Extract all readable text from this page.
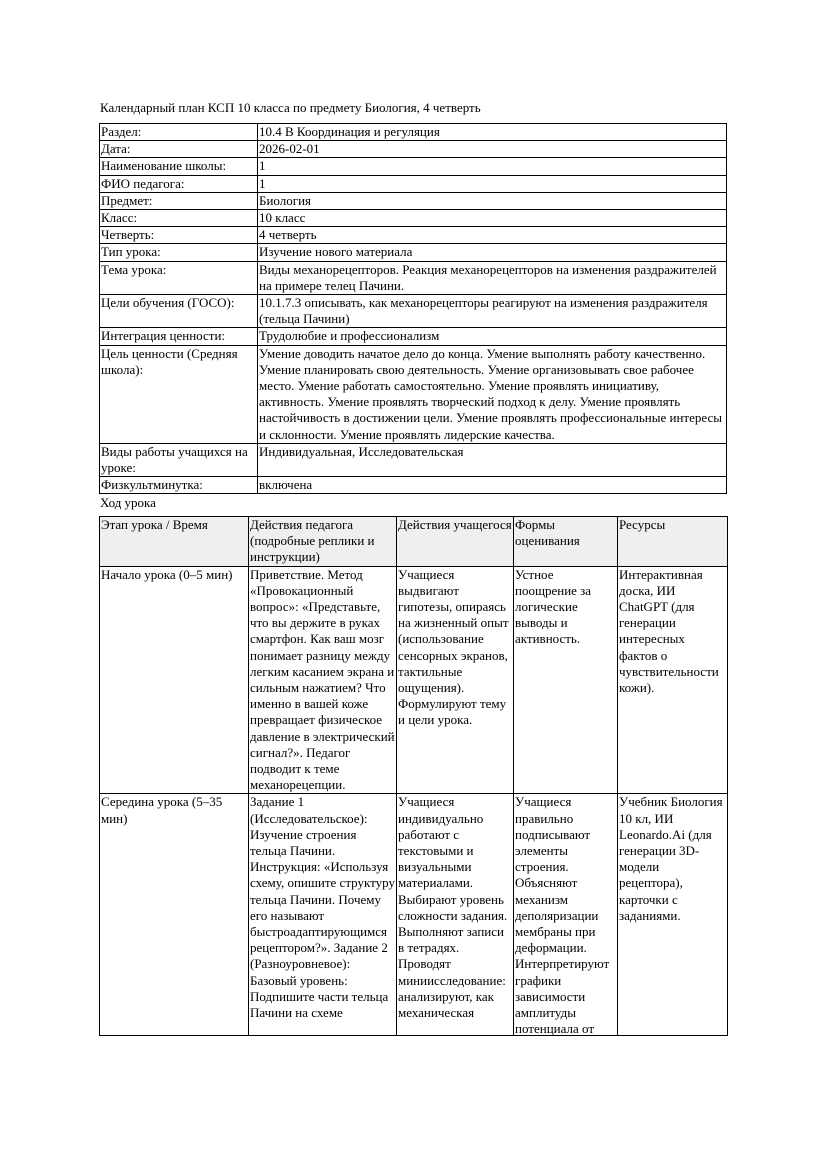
Календарный план КСП 10 класса по предмету Биология, 4 четверть
Раздел:	10.4 В Координация и регуляция
Дата:	2026-02-01
Наименование школы:	1
ФИО педагога:	1
Предмет:	Биология
Класс:	10 класс
Четверть:	4 четверть
Тип урока:	Изучение нового материала
Тема урока:	Виды механорецепторов. Реакция механорецепторов на изменения раздражителей на примере телец Пачини.
Цели обучения (ГОСО):	10.1.7.3 описывать, как механорецепторы реагируют на изменения раздражителя (тельца Пачини)
Интеграция ценности:	Трудолюбие и профессионализм
Цель ценности (Средняя школа):	Умение доводить начатое дело до конца. Умение выполнять работу качественно. Умение планировать свою деятельность. Умение организовывать свое рабочее место. Умение работать самостоятельно. Умение проявлять инициативу, активность. Умение проявлять творческий подход к делу. Умение проявлять настойчивость в достижении цели. Умение проявлять профессиональные интересы и склонности. Умение проявлять лидерские качества.
Виды работы учащихся на уроке:	Индивидуальная, Исследовательская
Физкультминутка:	включена
Ход урока
Этап урока / Время	Действия педагога (подробные реплики и инструкции)	Действия учащегося	Формы оценивания	Ресурсы
Начало урока (0–5 мин)	Приветствие. Метод «Провокационный вопрос»: «Представьте, что вы держите в руках смартфон. Как ваш мозг понимает разницу между легким касанием экрана и сильным нажатием? Что именно в вашей коже превращает физическое давление в электрический сигнал?». Педагог подводит к теме механорецепции.	Учащиеся выдвигают гипотезы, опираясь на жизненный опыт (использование сенсорных экранов, тактильные ощущения). Формулируют тему и цели урока.	Устное поощрение за логические выводы и активность.	Интерактивная доска, ИИ ChatGPT (для генерации интересных фактов о чувствительности кожи).

Середина урока (5–35 мин)	Задание 1 (Исследовательское): Изучение строения тельца Пачини. Инструкция: «Используя схему, опишите структуру тельца Пачини. Почему его называют быстроадаптирующимся рецептором?». Задание 2 (Разноуровневое): Базовый уровень: Подпишите части тельца Пачини на схеме	Учащиеся индивидуально работают с текстовыми и визуальными материалами. Выбирают уровень сложности задания. Выполняют записи в тетрадях. Проводят миниисследование: анализируют, как механическая	Учащиеся правильно подписывают элементы строения. Объясняют механизм деполяризации мембраны при деформации. Интерпретируют графики зависимости амплитуды потенциала от	Учебник Биология 10 кл, ИИ Leonardo.Ai (для генерации 3D-модели рецептора), карточки с заданиями.
